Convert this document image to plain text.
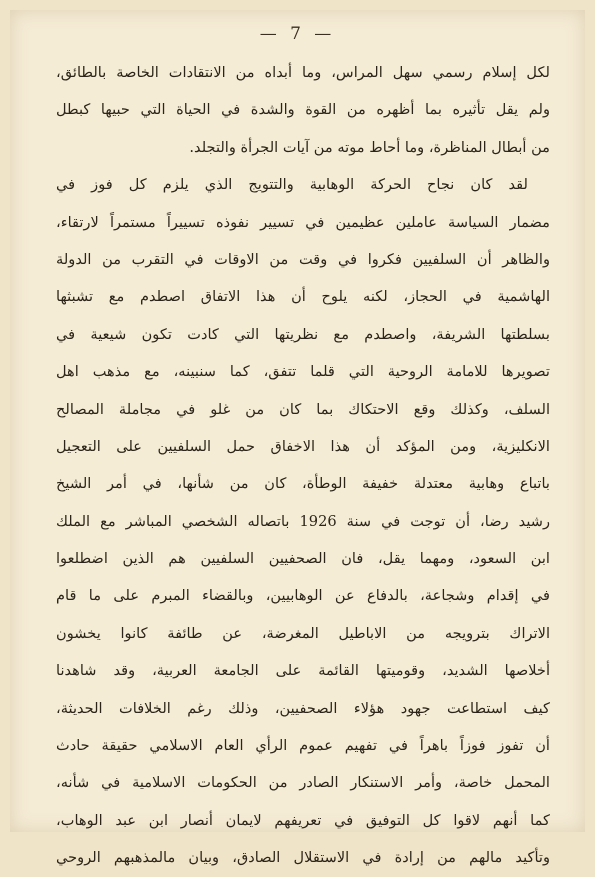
— 7 —
لكل إسلام رسمي سهل المراس، وما أبداه من الانتقادات الخاصة بالطائق،
ولم يقل تأثيره بما أظهره من القوة والشدة في الحياة التي حبيها كبطل
من أبطال المناظرة، وما أحاط موته من آيات الجرأة والتجلد.
لقد كان نجاح الحركة الوهابية والتتويج الذي يلزم كل فوز في
مضمار السياسة عاملين عظيمين في تسيير نفوذه تسييراً مستمراً لارتقاء،
والظاهر أن السلفيين فكروا في وقت من الاوقات في التقرب من الدولة
الهاشمية في الحجاز، لكنه يلوح أن هذا الاتفاق اصطدم مع تشبثها
بسلطتها الشريفة، واصطدم مع نظريتها التي كادت تكون شيعية في
تصويرها للامامة الروحية التي قلما تتفق، كما سنبينه، مع مذهب اهل
السلف، وكذلك وقع الاحتكاك بما كان من غلو في مجاملة المصالح
الانكليزية، ومن المؤكد أن هذا الاخفاق حمل السلفيين على التعجيل
باتباع وهابية معتدلة خفيفة الوطأة، كان من شأنها، في أمر الشيخ
رشيد رضا، أن توجت في سنة 1926 باتصاله الشخصي المباشر مع الملك
ابن السعود، ومهما يقل، فان الصحفيين السلفيين هم الذين اضطلعوا
في إقدام وشجاعة، بالدفاع عن الوهابيين، وبالقضاء المبرم على ما قام
الاتراك بترويجه من الاباطيل المغرضة، عن طائفة كانوا يخشون
أخلاصها الشديد، وقوميتها القائمة على الجامعة العربية، وقد شاهدنا
كيف استطاعت جهود هؤلاء الصحفيين، وذلك رغم الخلافات الحديثة،
أن تفوز فوزاً باهراً في تفهيم عموم الرأي العام الاسلامي حقيقة حادث
المحمل خاصة، وأمر الاستنكار الصادر من الحكومات الاسلامية في شأنه،
كما أنهم لاقوا كل التوفيق في تعريفهم لايمان أنصار ابن عبد الوهاب،
وتأكيد مالهم من إرادة في الاستقلال الصادق، وبيان مالمذهبهم الروحي
